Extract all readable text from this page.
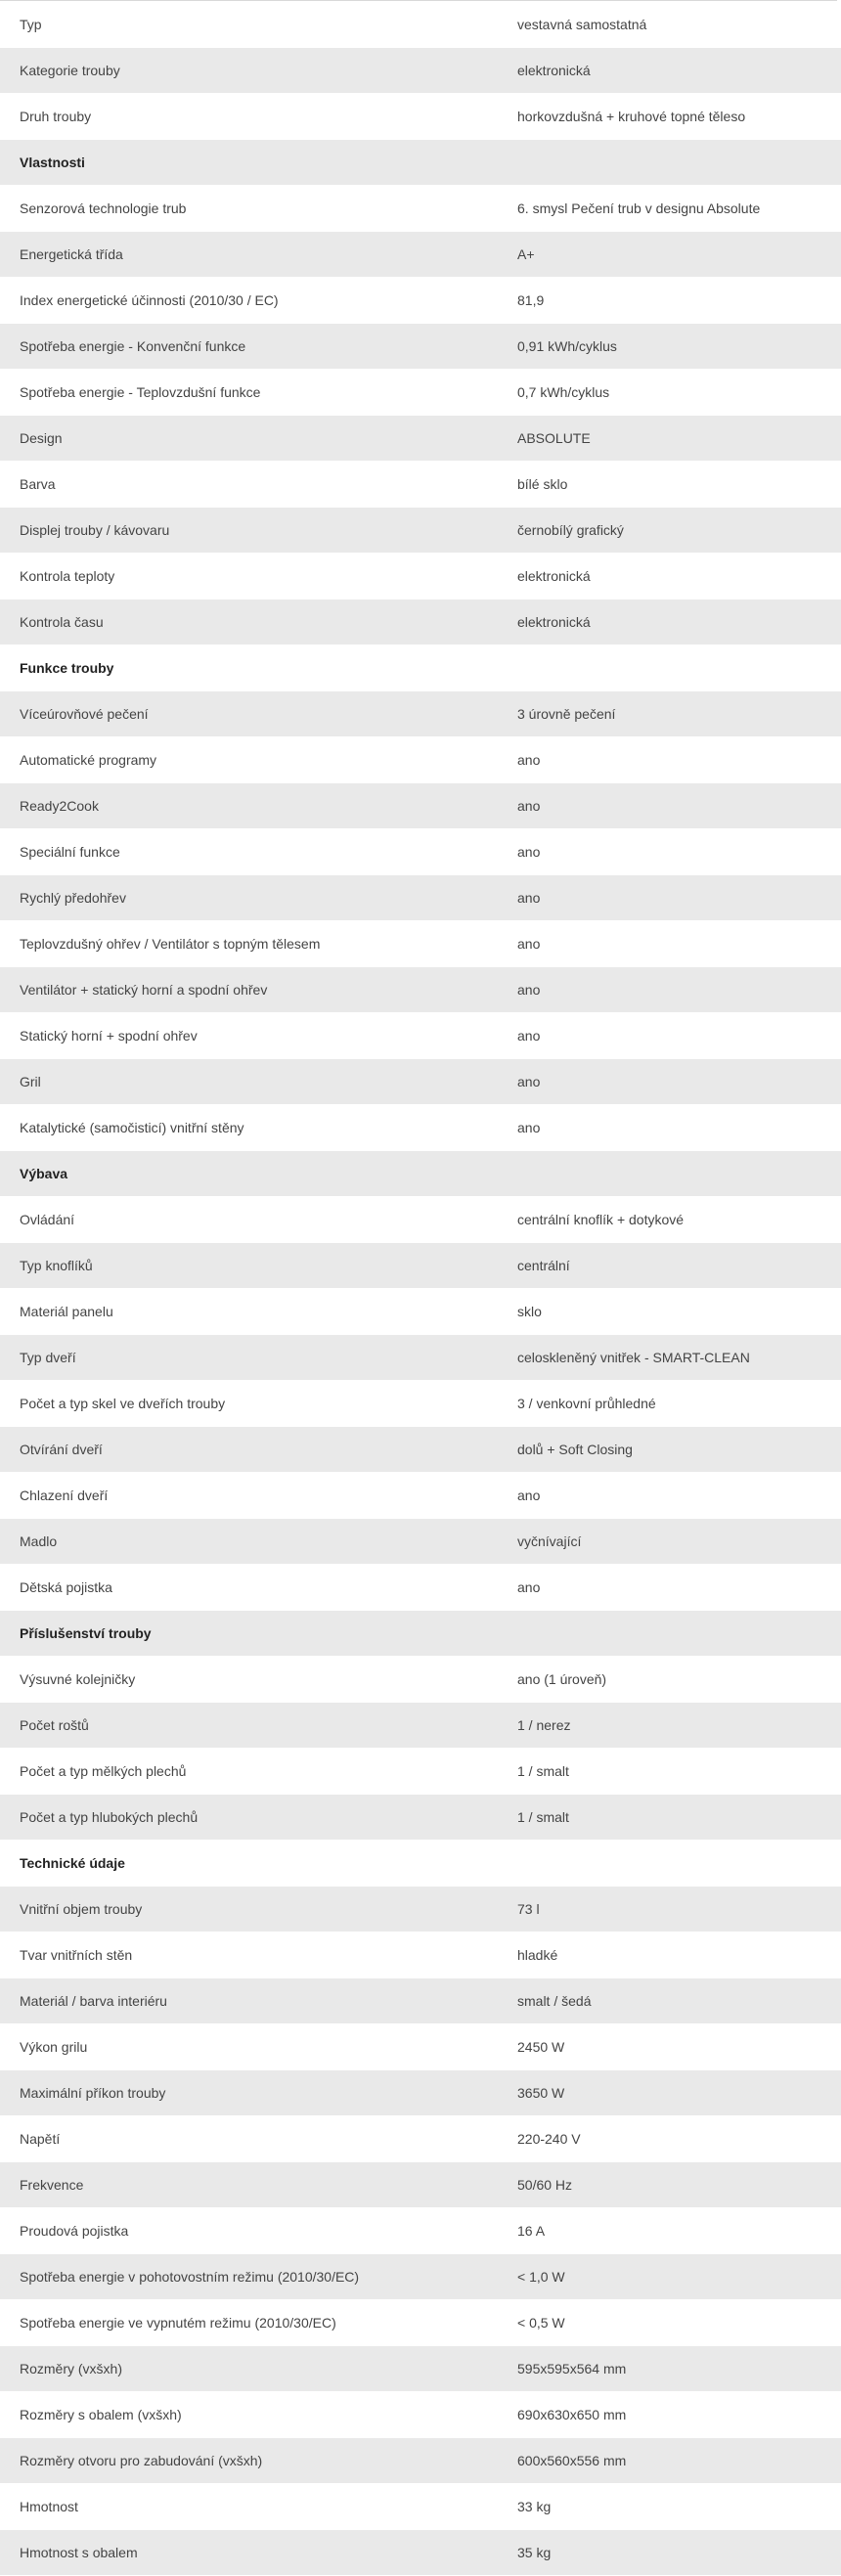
Typ	vestavná samostatná
Kategorie trouby	elektronická
Druh trouby	horkovzdušná + kruhové topné těleso
Vlastnosti	
Senzorová technologie trub	6. smysl Pečení trub v designu Absolute
Energetická třída	A+
Index energetické účinnosti (2010/30 / EC)	81,9
Spotřeba energie - Konvenční funkce	0,91 kWh/cyklus
Spotřeba energie - Teplovzdušní funkce	0,7 kWh/cyklus
Design	ABSOLUTE
Barva	bílé sklo
Displej trouby / kávovaru	černobílý grafický
Kontrola teploty	elektronická
Kontrola času	elektronická
Funkce trouby	
Víceúrovňové pečení	3 úrovně pečení
Automatické programy	ano
Ready2Cook	ano
Speciální funkce	ano
Rychlý předohřev	ano
Teplovzdušný ohřev / Ventilátor s topným tělesem	ano
Ventilátor + statický horní a spodní ohřev	ano
Statický horní + spodní ohřev	ano
Gril	ano
Katalytické (samočisticí) vnitřní stěny	ano
Výbava	
Ovládání	centrální knoflík + dotykové
Typ knoflíků	centrální
Materiál panelu	sklo
Typ dveří	celoskleněný vnitřek - SMART-CLEAN
Počet a typ skel ve dveřích trouby	3 / venkovní průhledné
Otvírání dveří	dolů + Soft Closing
Chlazení dveří	ano
Madlo	vyčnívající
Dětská pojistka	ano
Příslušenství trouby	
Výsuvné kolejničky	ano (1 úroveň)
Počet roštů	1 / nerez
Počet a typ mělkých plechů	1 / smalt
Počet a typ hlubokých plechů	1 / smalt
Technické údaje	
Vnitřní objem trouby	73 l
Tvar vnitřních stěn	hladké
Materiál / barva interiéru	smalt / šedá
Výkon grilu	2450 W
Maximální příkon trouby	3650 W
Napětí	220-240 V
Frekvence	50/60 Hz
Proudová pojistka	16 A
Spotřeba energie v pohotovostním režimu (2010/30/EC)	< 1,0 W
Spotřeba energie ve vypnutém režimu (2010/30/EC)	< 0,5 W
Rozměry (vxšxh)	595x595x564 mm
Rozměry s obalem (vxšxh)	690x630x650 mm
Rozměry otvoru pro zabudování (vxšxh)	600x560x556 mm
Hmotnost	33 kg
Hmotnost s obalem	35 kg
